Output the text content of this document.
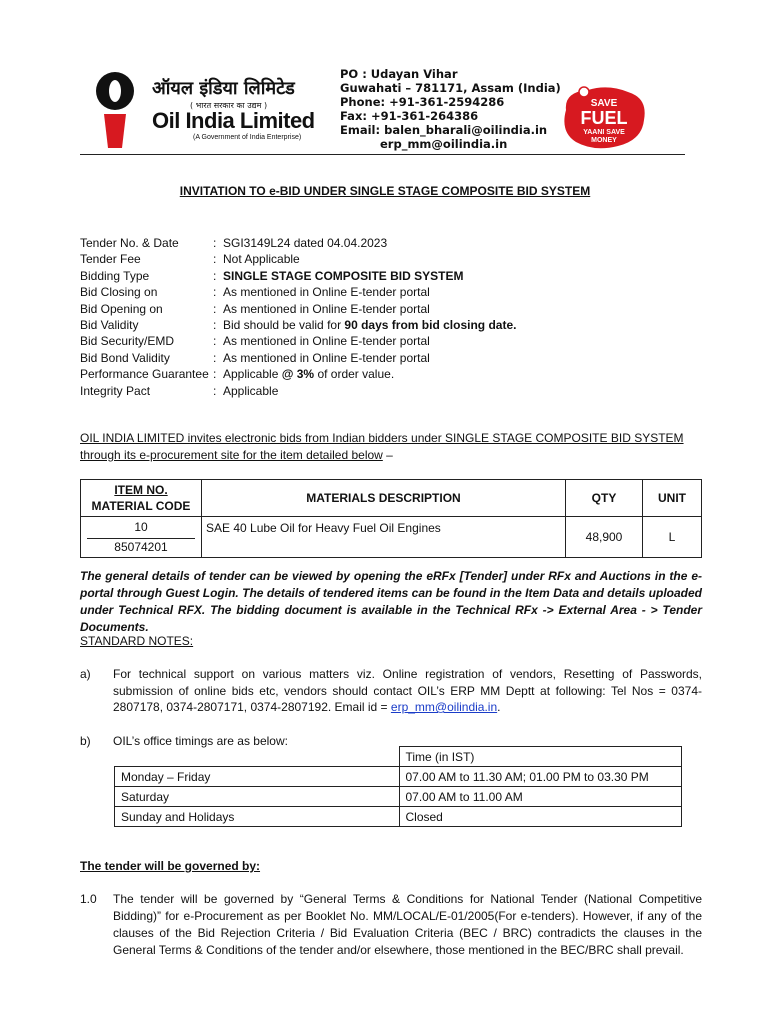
ऑयल इंडिया लिमिटेड
( भारत सरकार का उद्यम )
Oil India Limited
(A Government of India Enterprise)
PO : Udayan Vihar
Guwahati – 781171, Assam (India)
Phone: +91-361-2594286
Fax: +91-361-264386
Email: balen_bharali@oilindia.in
erp_mm@oilindia.in
SAVE
FUEL
YAANI SAVE
MONEY
INVITATION TO e-BID UNDER SINGLE STAGE COMPOSITE BID SYSTEM
Tender No. & Date	: SGI3149L24 dated 04.04.2023
Tender Fee	: Not Applicable
Bidding Type	: SINGLE STAGE COMPOSITE BID SYSTEM
Bid Closing on	: As mentioned in Online E-tender portal
Bid Opening on	: As mentioned in Online E-tender portal
Bid Validity	: Bid should be valid for 90 days from bid closing date.
Bid Security/EMD	: As mentioned in Online E-tender portal
Bid Bond Validity	: As mentioned in Online E-tender portal
Performance Guarantee : Applicable @ 3% of order value.
Integrity Pact	: Applicable
OIL INDIA LIMITED invites electronic bids from Indian bidders under SINGLE STAGE COMPOSITE BID SYSTEM through its e-procurement site for the item detailed below –
ITEM NO.
MATERIAL CODE	MATERIALS DESCRIPTION	QTY	UNIT

10
85074201	SAE 40 Lube Oil for Heavy Fuel Oil Engines	48,900	L
The general details of tender can be viewed by opening the eRFx [Tender] under RFx and Auctions in the e-portal through Guest Login. The details of tendered items can be found in the Item Data and details uploaded under Technical RFX. The bidding document is available in the Technical RFx -> External Area - > Tender Documents.
STANDARD NOTES:
a) For technical support on various matters viz. Online registration of vendors, Resetting of Passwords, submission of online bids etc, vendors should contact OIL’s ERP MM Deptt at following: Tel Nos = 0374-2807178, 0374-2807171, 0374-2807192. Email id = erp_mm@oilindia.in.
b) OIL’s office timings are as below:
	Time (in IST)
Monday – Friday	07.00 AM to 11.30 AM; 01.00 PM to 03.30 PM
Saturday	07.00 AM to 11.00 AM
Sunday and Holidays	Closed
The tender will be governed by:
1.0 The tender will be governed by “General Terms & Conditions for National Tender (National Competitive Bidding)” for e-Procurement as per Booklet No. MM/LOCAL/E-01/2005(For e-tenders). However, if any of the clauses of the Bid Rejection Criteria / Bid Evaluation Criteria (BEC / BRC) contradicts the clauses in the General Terms & Conditions of the tender and/or elsewhere, those mentioned in the BEC/BRC shall prevail.
